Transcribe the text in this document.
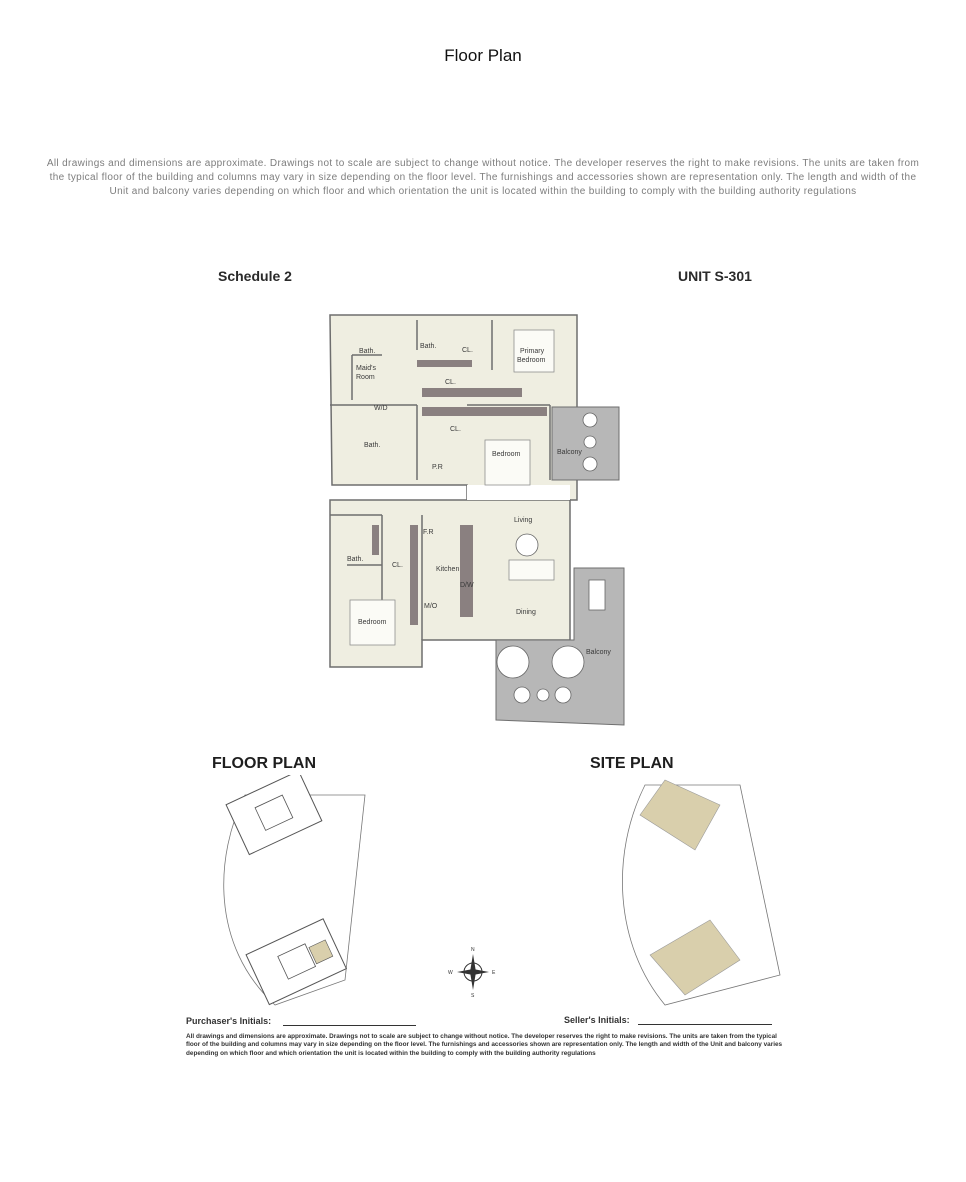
Floor Plan
All drawings and dimensions are approximate. Drawings not to scale are subject to change without notice. The developer reserves the right to make revisions. The units are taken from the typical floor of the building and columns may vary in size depending on the floor level. The furnishings and accessories shown are representation only. The length and width of the Unit and balcony varies depending on which floor and which orientation the unit is located within the building to comply with the building authority regulations
Schedule 2	UNIT S-301
Bath.
Bath.
CL.	Primary
Bedroom
Maid's
Room
CL.
W/D
CL.
Bath.
P.R
Bedroom	Balcony
Living
F.R
Bath.
CL.
Kitchen
D/W
M/O
Dining
Bedroom
Balcony
FLOOR PLAN	SITE PLAN
N
S
E
W
Purchaser's Initials:	Seller's Initials:
All drawings and dimensions are approximate. Drawings not to scale are subject to change without notice. The developer reserves the right to make revisions. The units are taken from the typical floor of the building and columns may vary in size depending on the floor level. The furnishings and accessories shown are representation only. The length and width of the Unit and balcony varies depending on which floor and which orientation the unit is located within the building to comply with the building authority regulations
